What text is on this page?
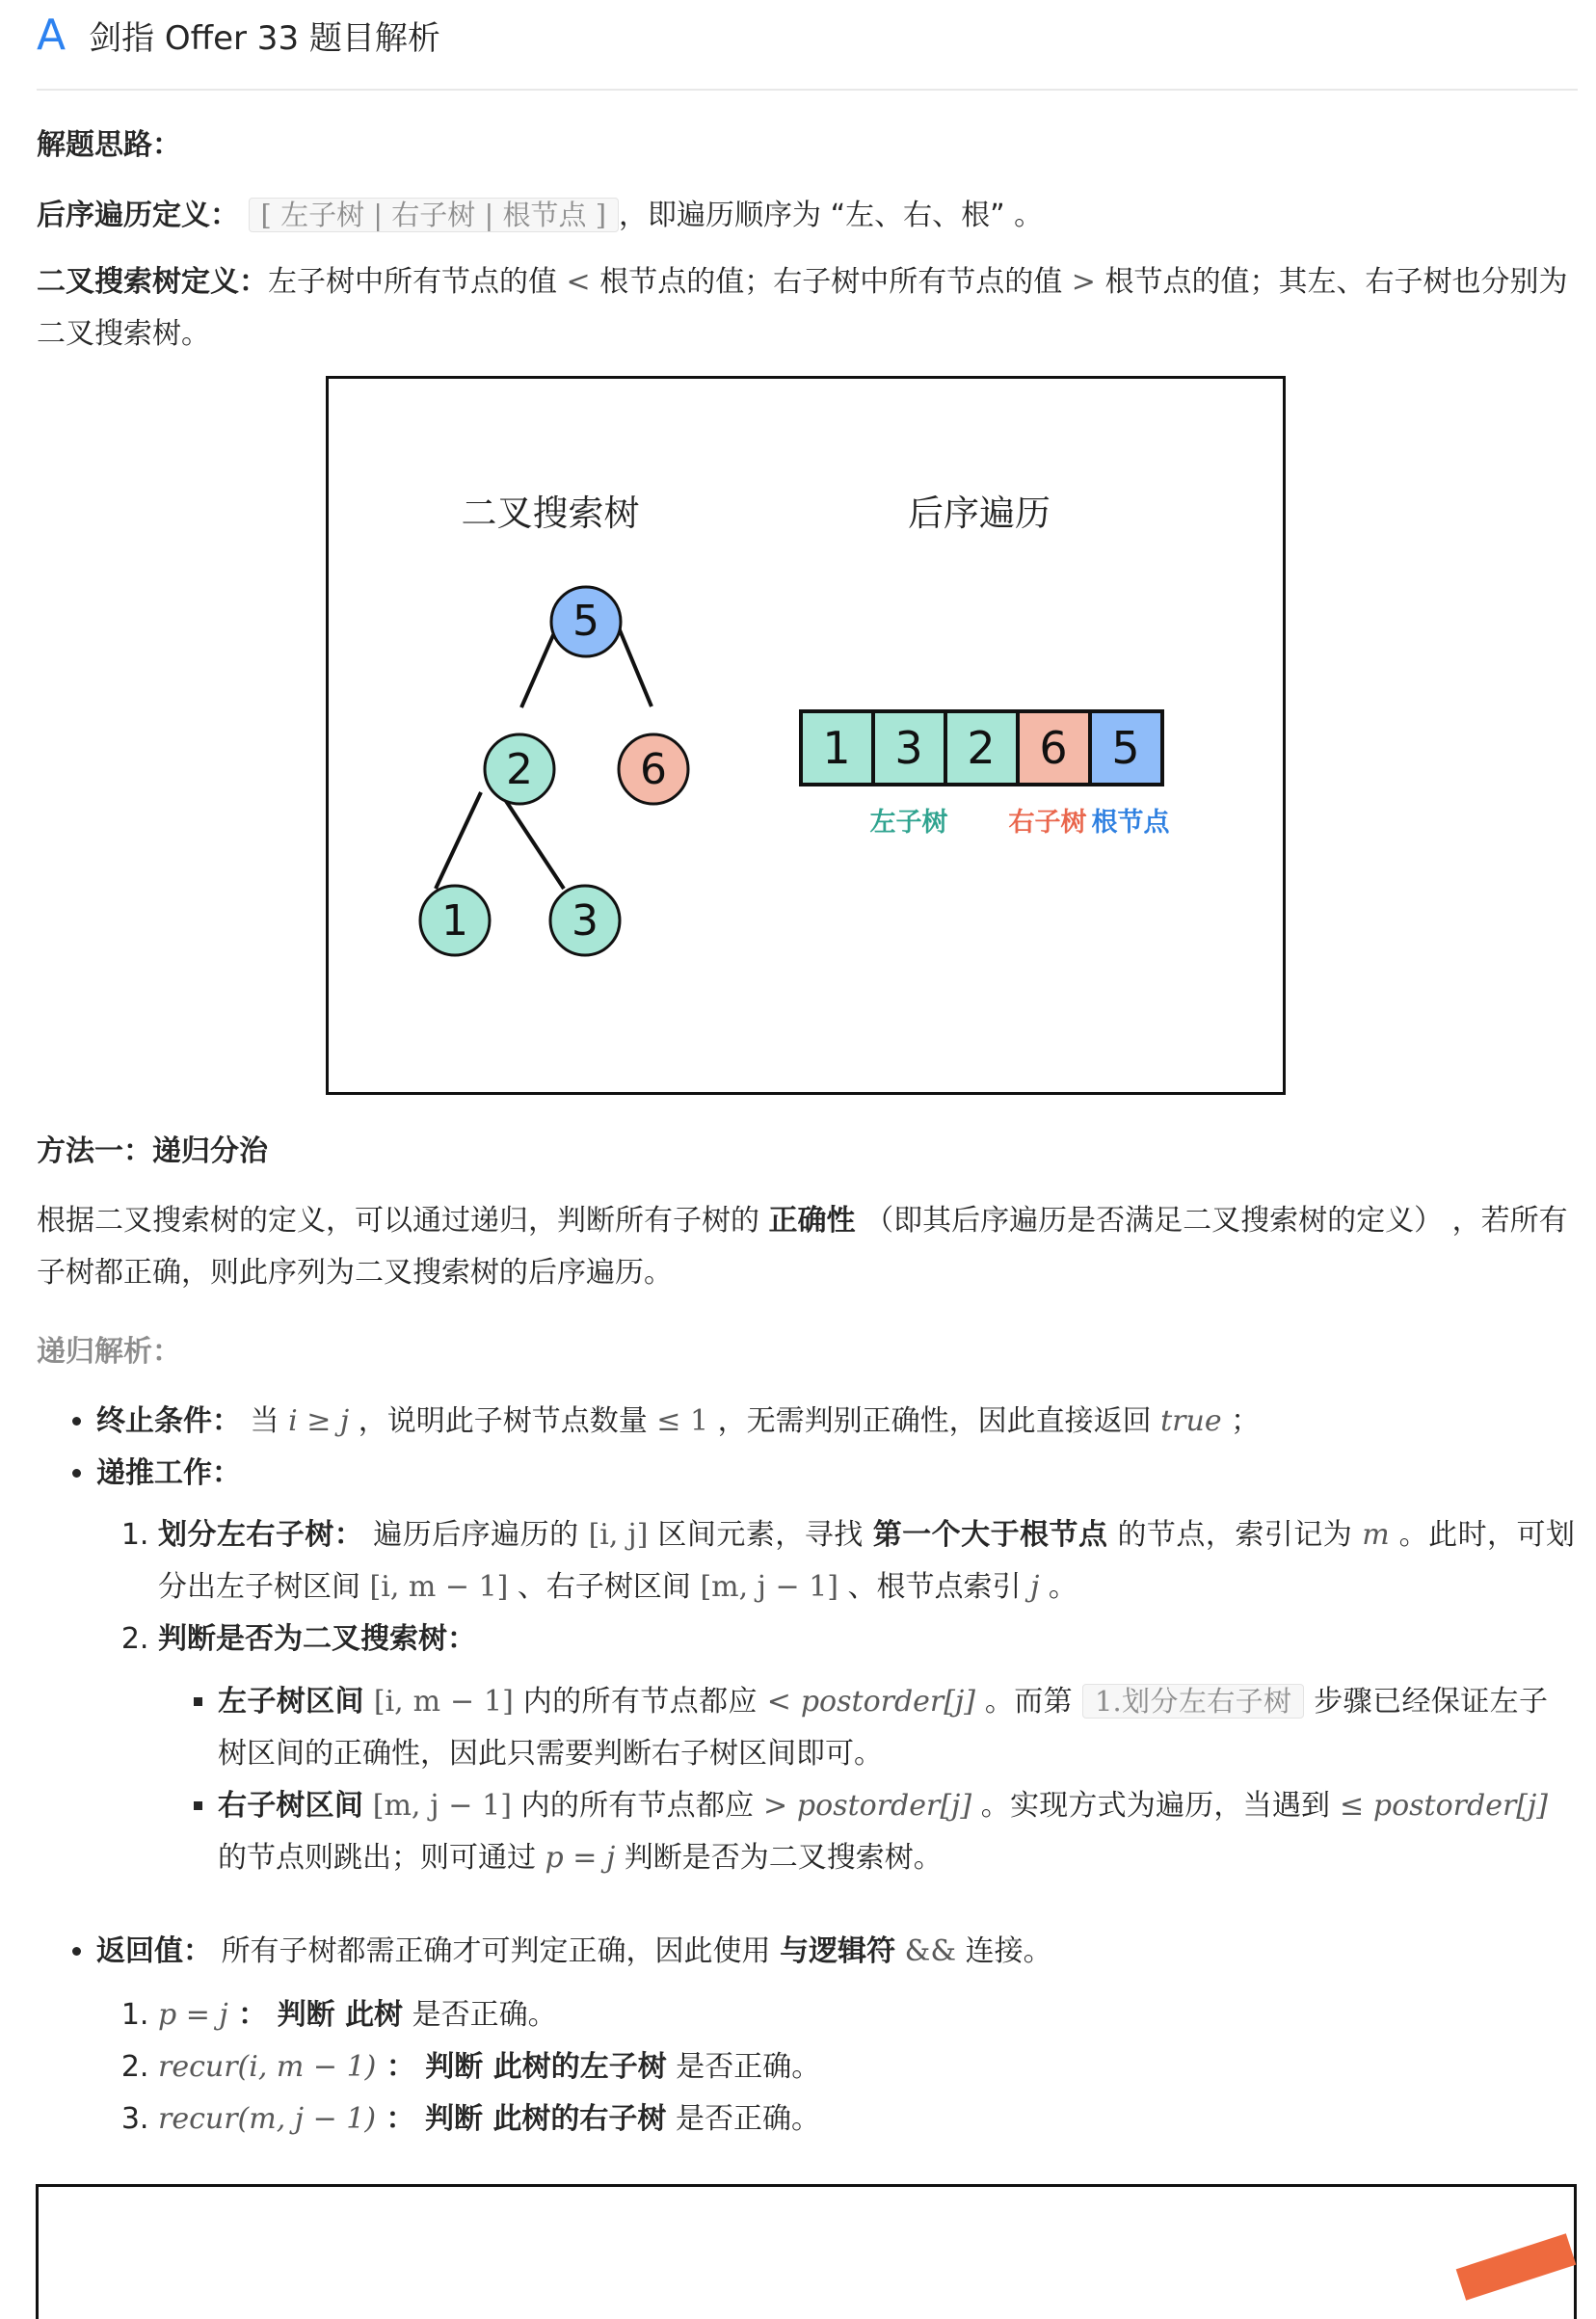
A 剑指 Offer 33 题目解析

解题思路：

后序遍历定义： [ 左子树 | 右子树 | 根节点 ] ，即遍历顺序为 “左、右、根” 。

二叉搜索树定义：左子树中所有节点的值 < 根节点的值；右子树中所有节点的值 > 根节点的值；其左、右子树也分别为二叉搜索树。

二叉搜索树	后序遍历
5
2	6
1 3
1 3 2 6 5
左子树 右子树 根节点

方法一：递归分治

根据二叉搜索树的定义，可以通过递归，判断所有子树的 正确性 （即其后序遍历是否满足二叉搜索树的定义） ，若所有子树都正确，则此序列为二叉搜索树的后序遍历。

递归解析：

• 终止条件： 当 i ≥ j ，说明此子树节点数量 ≤ 1 ，无需判别正确性，因此直接返回 true ；
• 递推工作：
1. 划分左右子树： 遍历后序遍历的 [i, j] 区间元素，寻找 第一个大于根节点 的节点，索引记为 m 。此时，可划分出左子树区间 [i, m − 1] 、右子树区间 [m, j − 1] 、根节点索引 j 。
2. 判断是否为二叉搜索树：
▪ 左子树区间 [i, m − 1] 内的所有节点都应 < postorder[j] 。而第 1.划分左右子树 步骤已经保证左子树区间的正确性，因此只需要判断右子树区间即可。
▪ 右子树区间 [m, j − 1] 内的所有节点都应 > postorder[j] 。实现方式为遍历，当遇到 ≤ postorder[j] 的节点则跳出；则可通过 p = j 判断是否为二叉搜索树。
• 返回值： 所有子树都需正确才可判定正确，因此使用 与逻辑符 && 连接。
1. p = j ： 判断 此树 是否正确。
2. recur(i, m − 1) ： 判断 此树的左子树 是否正确。
3. recur(m, j − 1) ： 判断 此树的右子树 是否正确。
